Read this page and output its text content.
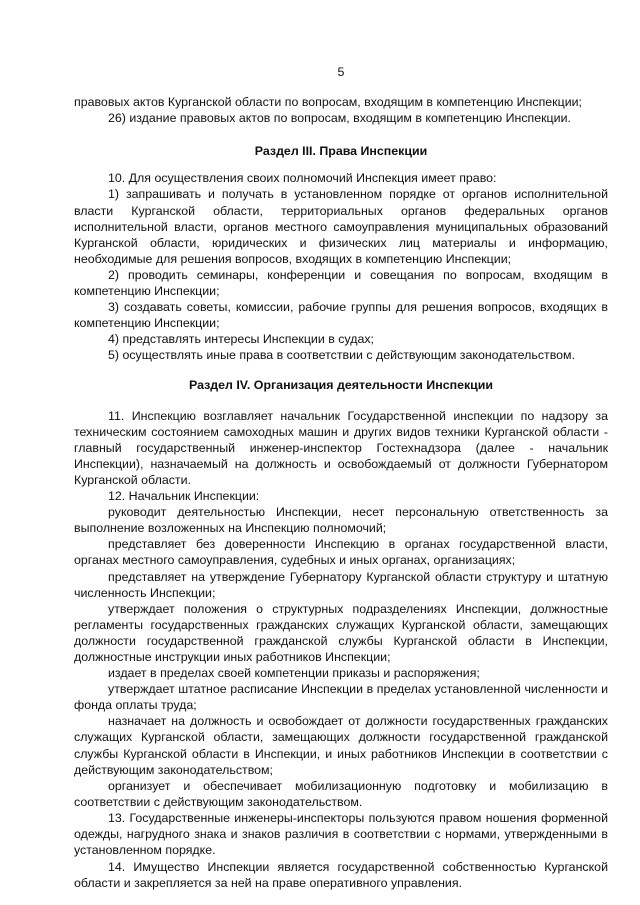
5

правовых актов Курганской области по вопросам, входящим в компетенцию Инспекции;

26) издание правовых актов по вопросам, входящим в компетенцию Инспекции.

Раздел III. Права Инспекции

10. Для осуществления своих полномочий Инспекция имеет право:

1) запрашивать и получать в установленном порядке от органов исполнительной власти Курганской области, территориальных органов федеральных органов исполнительной власти, органов местного самоуправления муниципальных образований Курганской области, юридических и физических лиц материалы и информацию, необходимые для решения вопросов, входящих в компетенцию Инспекции;

2) проводить семинары, конференции и совещания по вопросам, входящим в компетенцию Инспекции;

3) создавать советы, комиссии, рабочие группы для решения вопросов, входящих в компетенцию Инспекции;

4) представлять интересы Инспекции в судах;

5) осуществлять иные права в соответствии с действующим законодательством.

Раздел IV. Организация деятельности Инспекции

11. Инспекцию возглавляет начальник Государственной инспекции по надзору за техническим состоянием самоходных машин и других видов техники Курганской области - главный государственный инженер-инспектор Гостехнадзора (далее - начальник Инспекции), назначаемый на должность и освобождаемый от должности Губернатором Курганской области.

12. Начальник Инспекции:

руководит деятельностью Инспекции, несет персональную ответственность за выполнение возложенных на Инспекцию полномочий;

представляет без доверенности Инспекцию в органах государственной власти, органах местного самоуправления, судебных и иных органах, организациях;

представляет на утверждение Губернатору Курганской области структуру и штатную численность Инспекции;

утверждает положения о структурных подразделениях Инспекции, должностные регламенты государственных гражданских служащих Курганской области, замещающих должности государственной гражданской службы Курганской области в Инспекции, должностные инструкции иных работников Инспекции;

издает в пределах своей компетенции приказы и распоряжения;

утверждает штатное расписание Инспекции в пределах установленной численности и фонда оплаты труда;

назначает на должность и освобождает от должности государственных гражданских служащих Курганской области, замещающих должности государственной гражданской службы Курганской области в Инспекции, и иных работников Инспекции в соответствии с действующим законодательством;

организует и обеспечивает мобилизационную подготовку и мобилизацию в соответствии с действующим законодательством.

13. Государственные инженеры-инспекторы пользуются правом ношения форменной одежды, нагрудного знака и знаков различия в соответствии с нормами, утвержденными в установленном порядке.

14. Имущество Инспекции является государственной собственностью Курганской области и закрепляется за ней на праве оперативного управления.
